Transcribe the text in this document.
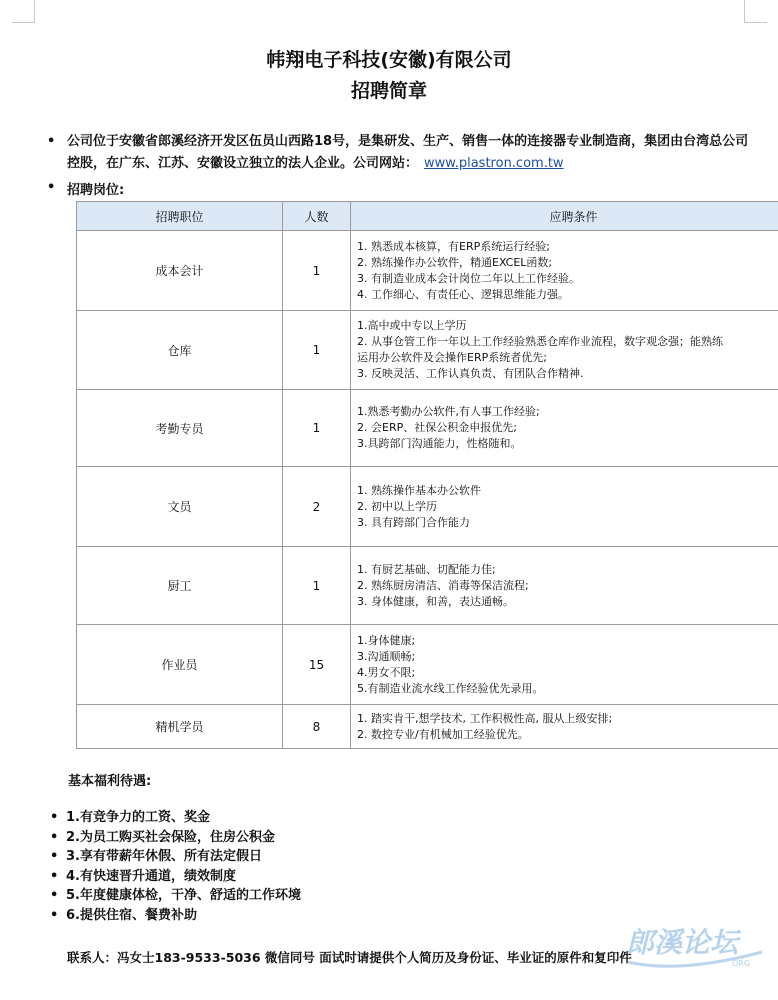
帏翔电子科技(安徽)有限公司
招聘简章
• 公司位于安徽省郎溪经济开发区伍员山西路18号，是集研发、生产、销售一体的连接器专业制造商，集团由台湾总公司控股，在广东、江苏、安徽设立独立的法人企业。公司网站： www.plastron.com.tw
• 招聘岗位:
招聘职位	人数	应聘条件
成本会计	1	1. 熟悉成本核算，有ERP系统运行经验;
2. 熟练操作办公软件，精通EXCEL函数;
3. 有制造业成本会计岗位二年以上工作经验。
4. 工作细心、有责任心、逻辑思维能力强。

仓库	1	1.高中或中专以上学历
2. 从事仓管工作一年以上工作经验熟悉仓库作业流程，数字观念强；能熟练
运用办公软件及会操作ERP系统者优先;
3. 反映灵活、工作认真负责、有团队合作精神.

考勤专员	1	1.熟悉考勤办公软件,有人事工作经验;
2. 会ERP、社保公积金申报优先;
3.具跨部门沟通能力，性格随和。

文员	2	1. 熟练操作基本办公软件
2. 初中以上学历
3. 具有跨部门合作能力

厨工	1	1. 有厨艺基础、切配能力佳;
2. 熟练厨房清洁、消毒等保洁流程;
3. 身体健康，和善，表达通畅。

作业员	15	1.身体健康;
3.沟通顺畅;
4.男女不限;
5.有制造业流水线工作经验优先录用。

精机学员	8	1. 踏实肯干,想学技术, 工作积极性高, 服从上级安排;
2. 数控专业/有机械加工经验优先。
基本福利待遇:
• 1.有竞争力的工资、奖金
• 2.为员工购买社会保险，住房公积金
• 3.享有带薪年休假、所有法定假日
• 4.有快速晋升通道，绩效制度
• 5.年度健康体检，干净、舒适的工作环境
• 6.提供住宿、餐费补助
联系人：冯女士183-9533-5036 微信同号 面试时请提供个人简历及身份证、毕业证的原件和复印件
郎溪论坛
ORG
